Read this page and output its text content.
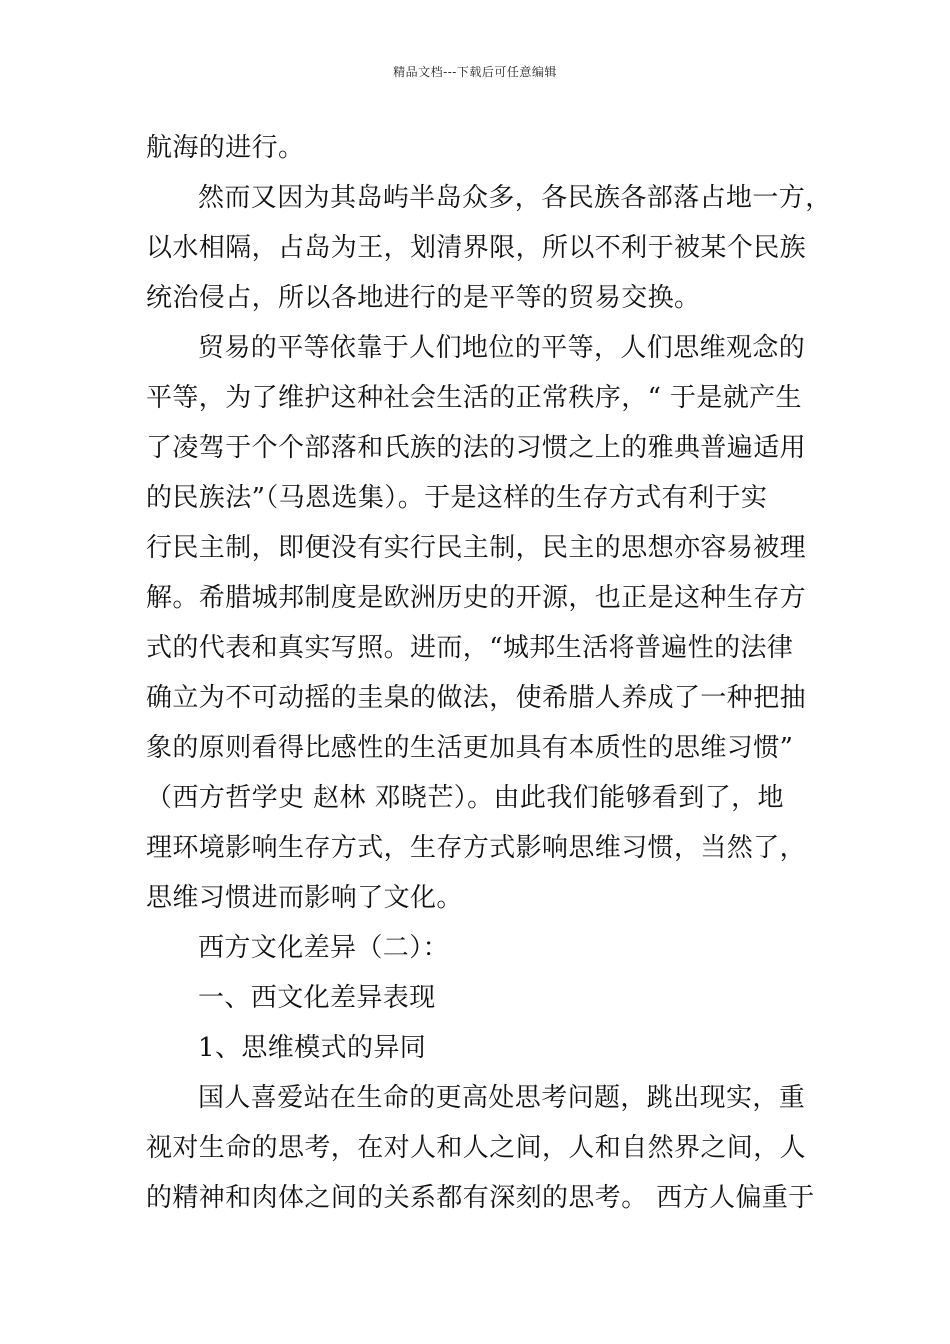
精品文档---下载后可任意编辑
航海的进行。
然而又因为其岛屿半岛众多，各民族各部落占地一方，
以水相隔，占岛为王，划清界限，所以不利于被某个民族
统治侵占，所以各地进行的是平等的贸易交换。
贸易的平等依靠于人们地位的平等，人们思维观念的
平等，为了维护这种社会生活的正常秩序，“ 于是就产生
了凌驾于个个部落和氏族的法的习惯之上的雅典普遍适用
的民族法”（马恩选集）。于是这样的生存方式有利于实
行民主制，即便没有实行民主制，民主的思想亦容易被理
解。希腊城邦制度是欧洲历史的开源，也正是这种生存方
式的代表和真实写照。进而，“城邦生活将普遍性的法律
确立为不可动摇的圭臬的做法，使希腊人养成了一种把抽
象的原则看得比感性的生活更加具有本质性的思维习惯”
（西方哲学史 赵林 邓晓芒）。由此我们能够看到了，地
理环境影响生存方式，生存方式影响思维习惯，当然了，
思维习惯进而影响了文化。
西方文化差异（二）：
一、西文化差异表现
1、思维模式的异同
国人喜爱站在生命的更高处思考问题，跳出现实，重
视对生命的思考，在对人和人之间，人和自然界之间，人
的精神和肉体之间的关系都有深刻的思考。 西方人偏重于
